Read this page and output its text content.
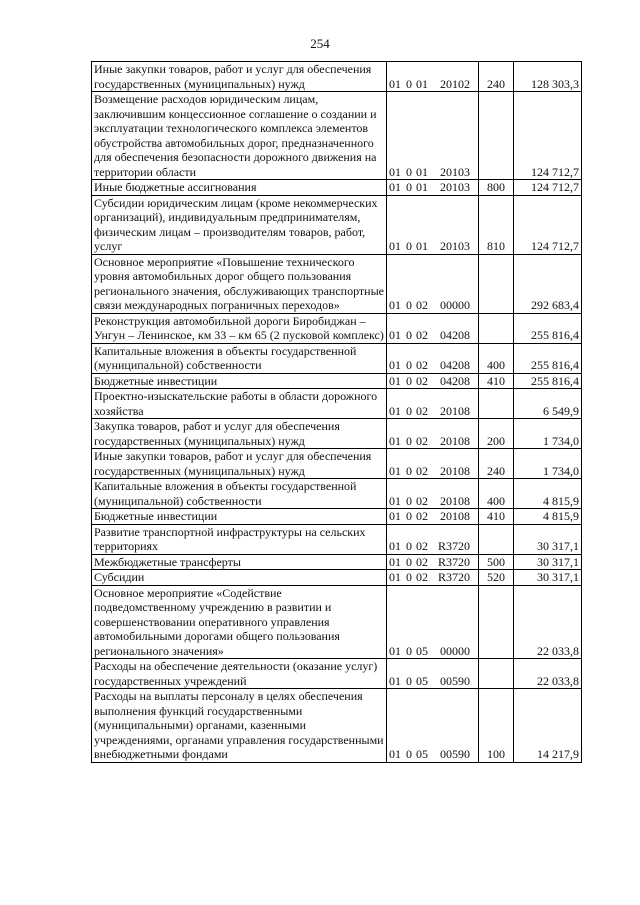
254
Иные закупки товаров, работ и услуг для обеспечения государственных (муниципальных) нужд	01 0 01 20102	240	128 303,3
Возмещение расходов юридическим лицам, заключившим концессионное соглашение о создании и эксплуатации технологического комплекса элементов обустройства автомобильных дорог, предназначенного для обеспечения безопасности дорожного движения на территории области	01 0 01 20103		124 712,7
Иные бюджетные ассигнования	01 0 01 20103	800	124 712,7
Субсидии юридическим лицам (кроме некоммерческих организаций), индивидуальным предпринимателям, физическим лицам – производителям товаров, работ, услуг	01 0 01 20103	810	124 712,7
Основное мероприятие «Повышение технического уровня автомобильных дорог общего пользования регионального значения, обслуживающих транспортные связи международных пограничных переходов»	01 0 02 00000		292 683,4
Реконструкция автомобильной дороги Биробиджан – Унгун – Ленинское, км 33 – км 65 (2 пусковой комплекс)	01 0 02 04208		255 816,4
Капитальные вложения в объекты государственной (муниципальной) собственности	01 0 02 04208	400	255 816,4
Бюджетные инвестиции	01 0 02 04208	410	255 816,4
Проектно-изыскательские работы в области дорожного хозяйства	01 0 02 20108		6 549,9
Закупка товаров, работ и услуг для обеспечения государственных (муниципальных) нужд	01 0 02 20108	200	1 734,0
Иные закупки товаров, работ и услуг для обеспечения государственных (муниципальных) нужд	01 0 02 20108	240	1 734,0
Капитальные вложения в объекты государственной (муниципальной) собственности	01 0 02 20108	400	4 815,9
Бюджетные инвестиции	01 0 02 20108	410	4 815,9
Развитие транспортной инфраструктуры на сельских территориях	01 0 02 R3720		30 317,1
Межбюджетные трансферты	01 0 02 R3720	500	30 317,1
Субсидии	01 0 02 R3720	520	30 317,1
Основное мероприятие «Содействие подведомственному учреждению в развитии и совершенствовании оперативного управления автомобильными дорогами общего пользования регионального значения»	01 0 05 00000		22 033,8
Расходы на обеспечение деятельности (оказание услуг) государственных учреждений	01 0 05 00590		22 033,8
Расходы на выплаты персоналу в целях обеспечения выполнения функций государственными (муниципальными) органами, казенными учреждениями, органами управления государственными внебюджетными фондами	01 0 05 00590	100	14 217,9
